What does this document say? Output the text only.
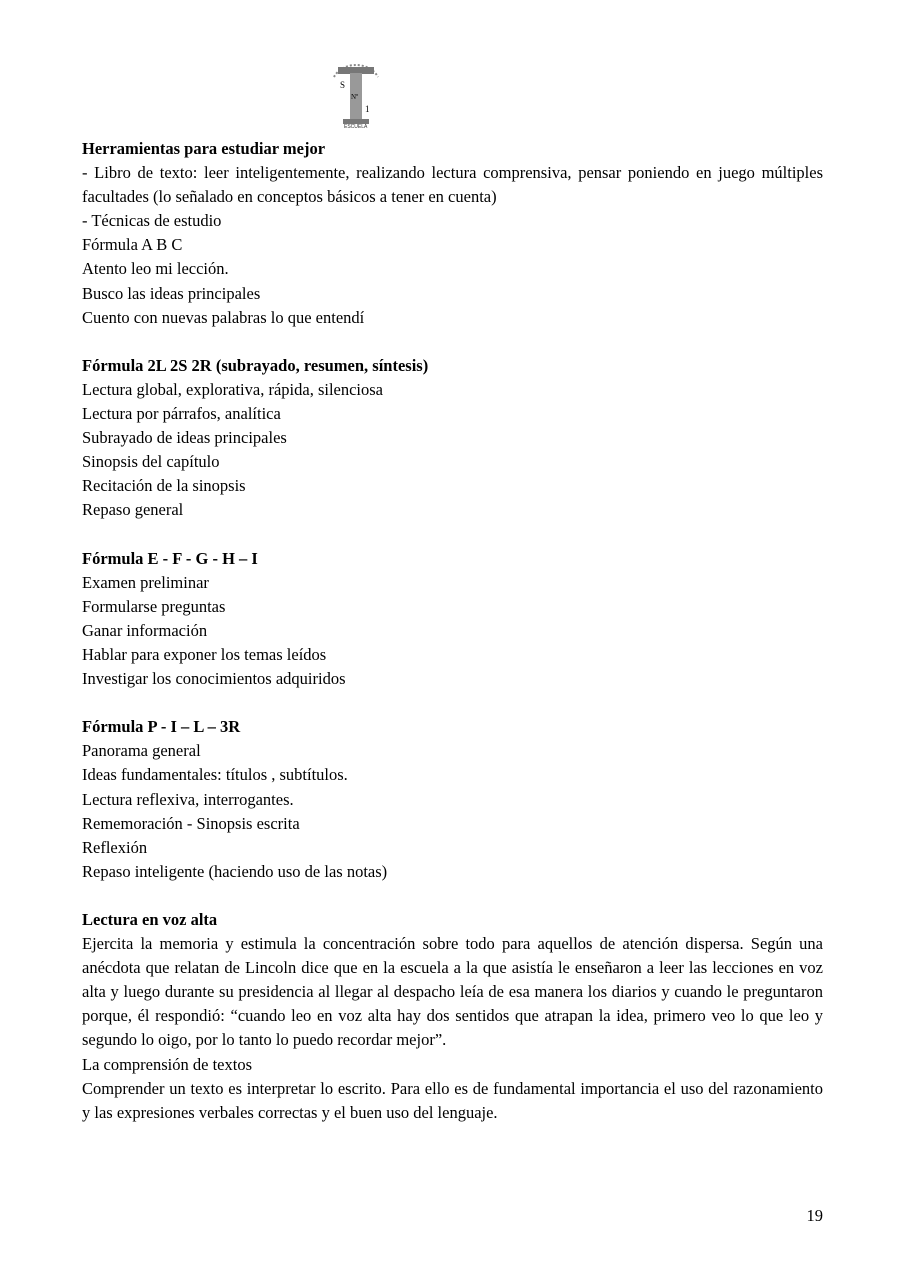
S
Nº
1
ESCUELA

Herramientas para estudiar mejor

- Libro de texto: leer inteligentemente, realizando lectura comprensiva, pensar poniendo en juego múltiples facultades (lo señalado en conceptos básicos a tener en cuenta)

- Técnicas de estudio

Fórmula A B C

Atento leo mi lección.

Busco las ideas principales

Cuento con nuevas palabras lo que entendí

Fórmula 2L 2S 2R (subrayado, resumen, síntesis)

Lectura global, explorativa, rápida, silenciosa

Lectura por párrafos, analítica

Subrayado de ideas principales

Sinopsis del capítulo

Recitación de la sinopsis

Repaso general

Fórmula E - F - G - H – I

Examen preliminar

Formularse preguntas

Ganar información

Hablar para exponer los temas leídos

Investigar los conocimientos adquiridos

Fórmula P - I – L – 3R

Panorama general

Ideas fundamentales: títulos , subtítulos.

Lectura reflexiva, interrogantes.

Rememoración - Sinopsis escrita

Reflexión

Repaso inteligente (haciendo uso de las notas)

Lectura en voz alta

Ejercita la memoria y estimula la concentración sobre todo para aquellos de atención dispersa. Según una anécdota que relatan de Lincoln dice que en la escuela a la que asistía le enseñaron a leer las lecciones en voz alta y luego durante su presidencia al llegar al despacho leía de esa manera los diarios y cuando le preguntaron porque, él respondió: “cuando leo en voz alta hay dos sentidos que atrapan la idea, primero veo lo que leo y segundo lo oigo, por lo tanto lo puedo recordar mejor”.

La comprensión de textos

Comprender un texto es interpretar lo escrito. Para ello es de fundamental importancia el uso del razonamiento y las expresiones verbales correctas y el buen uso del lenguaje.

19
